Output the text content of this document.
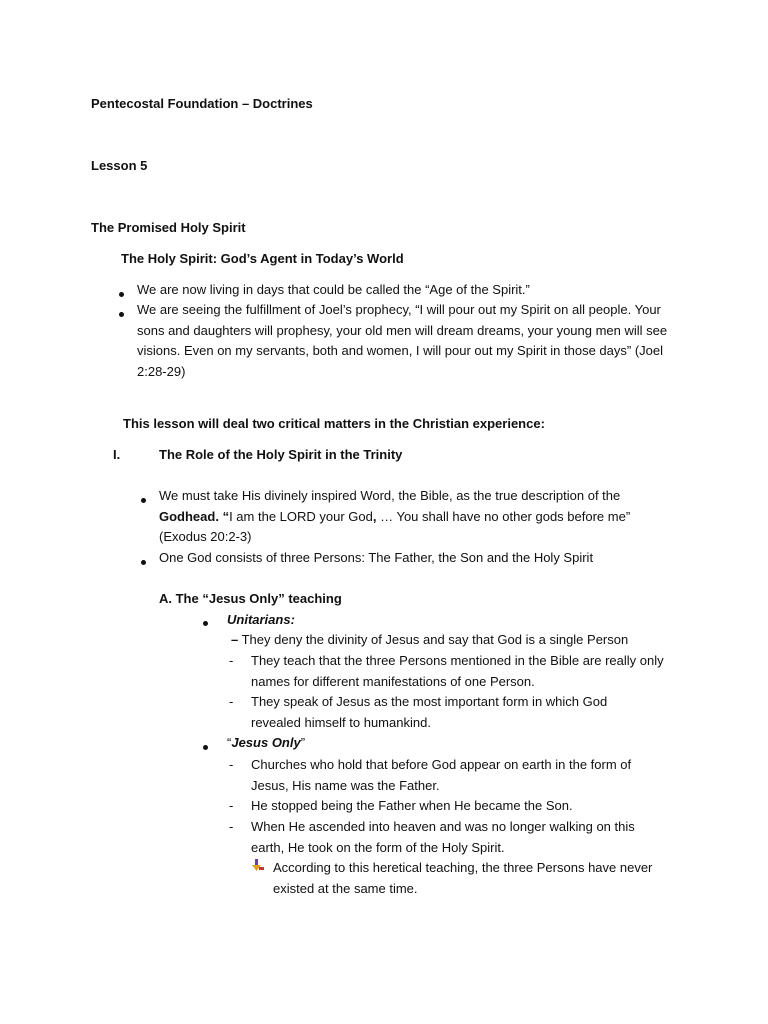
Pentecostal Foundation – Doctrines
Lesson 5
The Promised Holy Spirit
The Holy Spirit: God’s Agent in Today’s World
We are now living in days that could be called the “Age of the Spirit.”
We are seeing the fulfillment of Joel’s prophecy, “I will pour out my Spirit on all people. Your sons and daughters will prophesy, your old men will dream dreams, your young men will see visions. Even on my servants, both and women, I will pour out my Spirit in those days” (Joel 2:28-29)
This lesson will deal two critical matters in the Christian experience:
I.	The Role of the Holy Spirit in the Trinity
We must take His divinely inspired Word, the Bible, as the true description of the
Godhead. “I am the LORD your God, … You shall have no other gods before me”
(Exodus 20:2-3)
One God consists of three Persons: The Father, the Son and the Holy Spirit
A. The “Jesus Only” teaching
Unitarians:
– They deny the divinity of Jesus and say that God is a single Person
- They teach that the three Persons mentioned in the Bible are really only names for different manifestations of one Person.
- They speak of Jesus as the most important form in which God revealed himself to humankind.
“Jesus Only”
- Churches who hold that before God appear on earth in the form of Jesus, His name was the Father.
- He stopped being the Father when He became the Son.
- When He ascended into heaven and was no longer walking on this earth, He took on the form of the Holy Spirit.
According to this heretical teaching, the three Persons have never existed at the same time.
